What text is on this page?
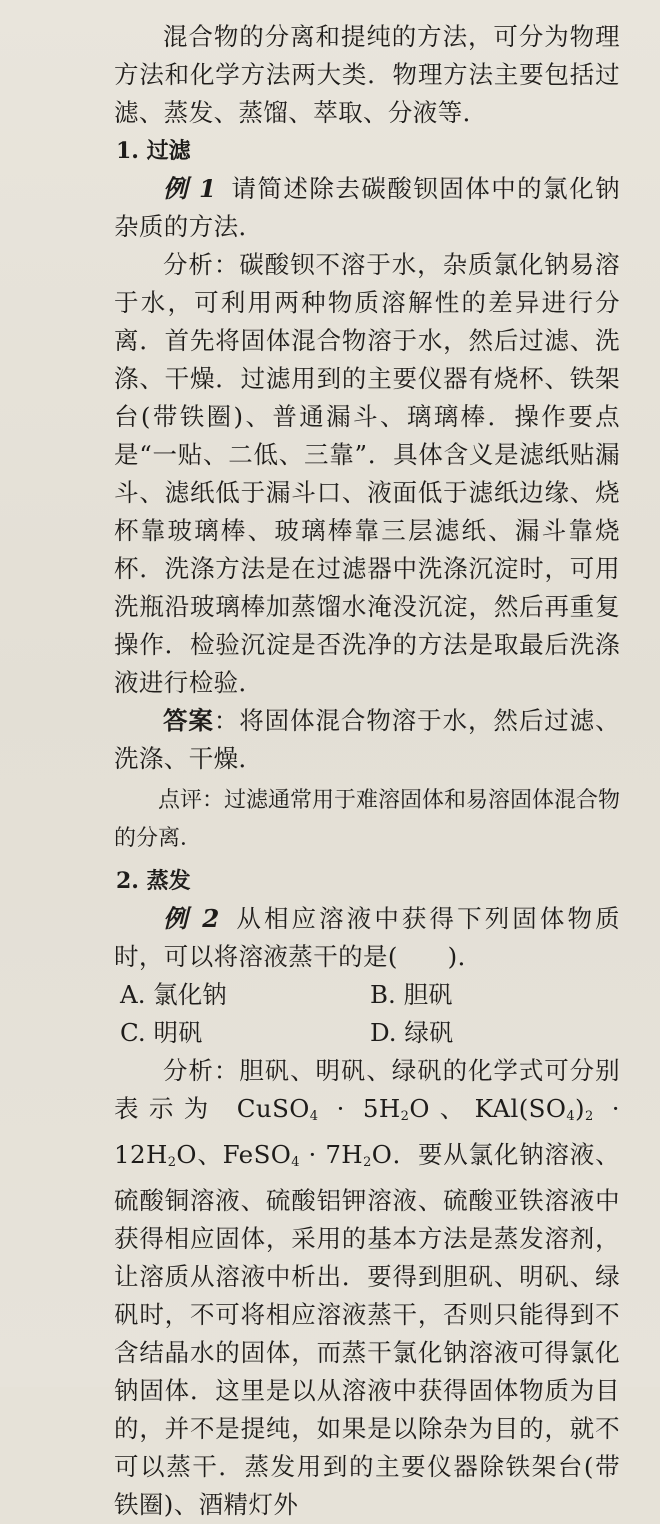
混合物的分离和提纯的方法，可分为物理方法和化学方法两大类．物理方法主要包括过滤、蒸发、蒸馏、萃取、分液等．

1. 过滤

例 1 请简述除去碳酸钡固体中的氯化钠杂质的方法．

分析：碳酸钡不溶于水，杂质氯化钠易溶于水，可利用两种物质溶解性的差异进行分离．首先将固体混合物溶于水，然后过滤、洗涤、干燥．过滤用到的主要仪器有烧杯、铁架台(带铁圈)、普通漏斗、璃璃棒．操作要点是“一贴、二低、三靠”．具体含义是滤纸贴漏斗、滤纸低于漏斗口、液面低于滤纸边缘、烧杯靠玻璃棒、玻璃棒靠三层滤纸、漏斗靠烧杯．洗涤方法是在过滤器中洗涤沉淀时，可用洗瓶沿玻璃棒加蒸馏水淹没沉淀，然后再重复操作．检验沉淀是否洗净的方法是取最后洗涤液进行检验．

答案：将固体混合物溶于水，然后过滤、洗涤、干燥．

点评：过滤通常用于难溶固体和易溶固体混合物的分离．

2. 蒸发

例 2 从相应溶液中获得下列固体物质时，可以将溶液蒸干的是(　　)．

A. 氯化钠	B. 胆矾
C. 明矾	D. 绿矾

分析：胆矾、明矾、绿矾的化学式可分别表示为 CuSO$_4$ · $5H_2O$、$KAl(SO_4)_2 \cdot 12H_2O$、FeSO$_4$ · $7H_2O$．要从氯化钠溶液、硫酸铜溶液、硫酸铝钾溶液、硫酸亚铁溶液中获得相应固体，采用的基本方法是蒸发溶剂，让溶质从溶液中析出．要得到胆矾、明矾、绿矾时，不可将相应溶液蒸干，否则只能得到不含结晶水的固体，而蒸干氯化钠溶液可得氯化钠固体．这里是以从溶液中获得固体物质为目的，并不是提纯，如果是以除杂为目的，就不可以蒸干．蒸发用到的主要仪器除铁架台(带铁圈)、酒精灯外
